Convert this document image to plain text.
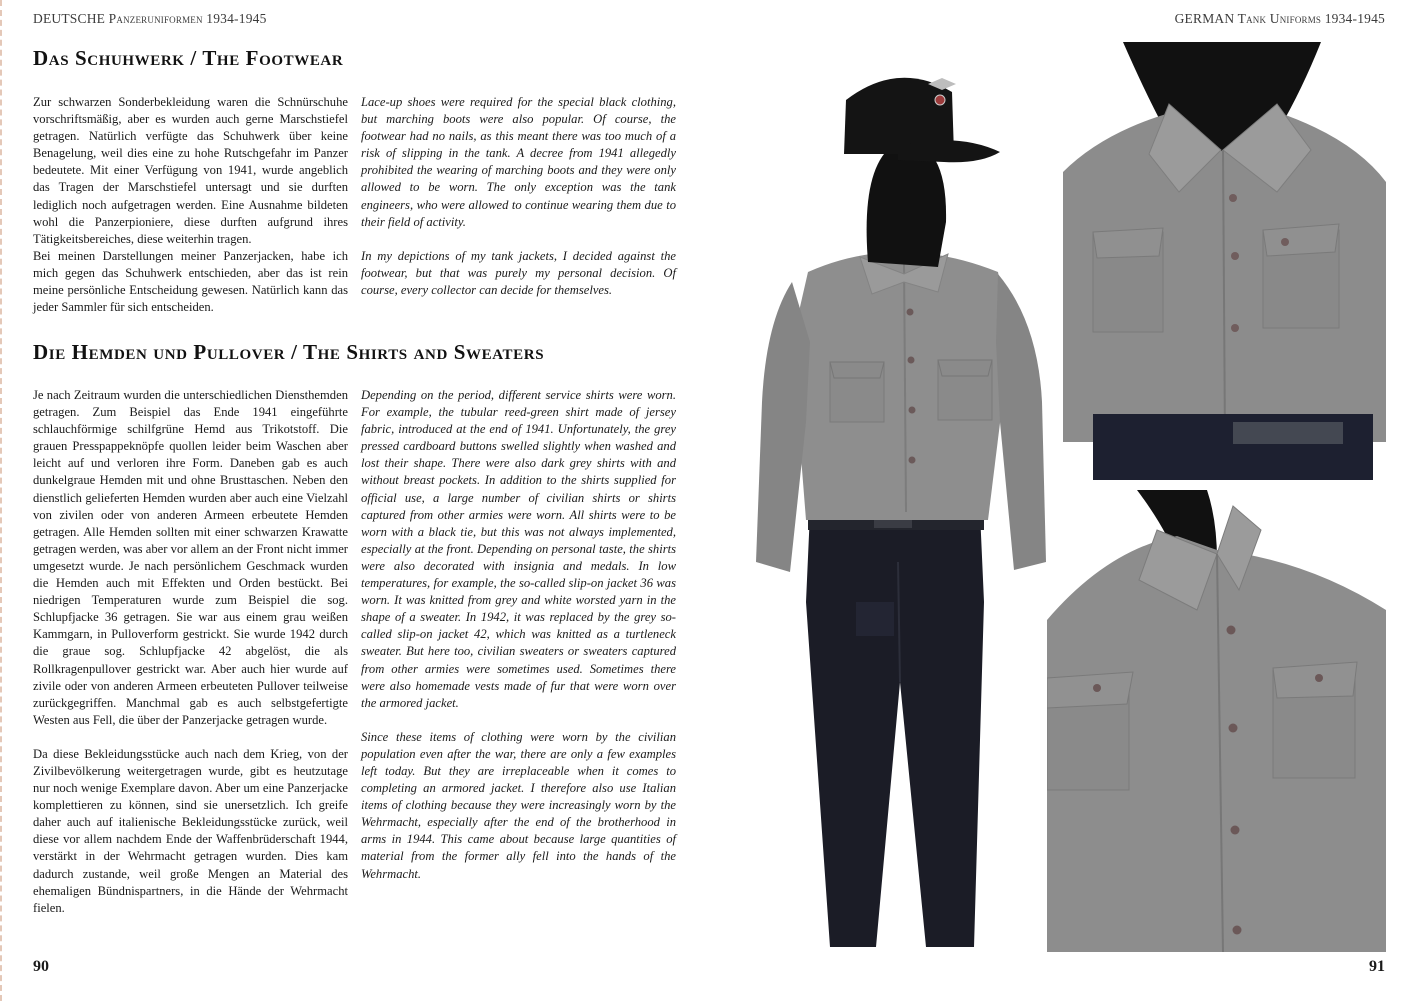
DEUTSCHE Panzeruniformen 1934-1945	GERMAN Tank Uniforms 1934-1945
Das Schuhwerk / The Footwear

Zur schwarzen Sonderbekleidung waren die Schnürschuhe vorschriftsmäßig, aber es wurden auch gerne Marschstiefel getragen. Natürlich verfügte das Schuhwerk über keine Benagelung, weil dies eine zu hohe Rutschgefahr im Panzer bedeutete. Mit einer Verfügung von 1941, wurde angeblich das Tragen der Marschstiefel untersagt und sie durften lediglich noch aufgetragen werden. Eine Ausnahme bildeten wohl die Panzerpioniere, diese durften aufgrund ihres Tätigkeitsbereiches, diese weiterhin tragen.

Bei meinen Darstellungen meiner Panzerjacken, habe ich mich gegen das Schuhwerk entschieden, aber das ist rein meine persönliche Entscheidung gewesen. Natürlich kann das jeder Sammler für sich entscheiden.

Lace-up shoes were required for the special black clothing, but marching boots were also popular. Of course, the footwear had no nails, as this meant there was too much of a risk of slipping in the tank. A decree from 1941 allegedly prohibited the wearing of marching boots and they were only allowed to be worn. The only exception was the tank engineers, who were allowed to continue wearing them due to their field of activity.

In my depictions of my tank jackets, I decided against the footwear, but that was purely my personal decision. Of course, every collector can decide for themselves.

Die Hemden und Pullover / The Shirts and Sweaters

Je nach Zeitraum wurden die unterschiedlichen Diensthemden getragen. Zum Beispiel das Ende 1941 eingeführte schlauchförmige schilfgrüne Hemd aus Trikotstoff. Die grauen Presspappeknöpfe quollen leider beim Waschen aber leicht auf und verloren ihre Form. Daneben gab es auch dunkelgraue Hemden mit und ohne Brusttaschen. Neben den dienstlich gelieferten Hemden wurden aber auch eine Vielzahl von zivilen oder von anderen Armeen erbeutete Hemden getragen. Alle Hemden sollten mit einer schwarzen Krawatte getragen werden, was aber vor allem an der Front nicht immer umgesetzt wurde. Je nach persönlichem Geschmack wurden die Hemden auch mit Effekten und Orden bestückt. Bei niedrigen Temperaturen wurde zum Beispiel die sog. Schlupfjacke 36 getragen. Sie war aus einem grau weißen Kammgarn, in Pulloverform gestrickt. Sie wurde 1942 durch die graue sog. Schlupfjacke 42 abgelöst, die als Rollkragenpullover gestrickt war. Aber auch hier wurde auf zivile oder von anderen Armeen erbeuteten Pullover teilweise zurückgegriffen. Manchmal gab es auch selbstgefertigte Westen aus Fell, die über der Panzerjacke getragen wurde.

Da diese Bekleidungsstücke auch nach dem Krieg, von der Zivilbevölkerung weitergetragen wurde, gibt es heutzutage nur noch wenige Exemplare davon. Aber um eine Panzerjacke komplettieren zu können, sind sie unersetzlich. Ich greife daher auch auf italienische Bekleidungsstücke zurück, weil diese vor allem nachdem Ende der Waffenbrüderschaft 1944, verstärkt in der Wehrmacht getragen wurden. Dies kam dadurch zustande, weil große Mengen an Material des ehemaligen Bündnispartners, in die Hände der Wehrmacht fielen.

Depending on the period, different service shirts were worn. For example, the tubular reed-green shirt made of jersey fabric, introduced at the end of 1941. Unfortunately, the grey pressed cardboard buttons swelled slightly when washed and lost their shape. There were also dark grey shirts with and without breast pockets. In addition to the shirts supplied for official use, a large number of civilian shirts or shirts captured from other armies were worn. All shirts were to be worn with a black tie, but this was not always implemented, especially at the front. Depending on personal taste, the shirts were also decorated with insignia and medals. In low temperatures, for example, the so-called slip-on jacket 36 was worn. It was knitted from grey and white worsted yarn in the shape of a sweater. In 1942, it was replaced by the grey so-called slip-on jacket 42, which was knitted as a turtleneck sweater. But here too, civilian sweaters or sweaters captured from other armies were sometimes used. Sometimes there were also homemade vests made of fur that were worn over the armored jacket.

Since these items of clothing were worn by the civilian population even after the war, there are only a few examples left today. But they are irreplaceable when it comes to completing an armored jacket. I therefore also use Italian items of clothing because they were increasingly worn by the Wehrmacht, especially after the end of the brotherhood in arms in 1944. This came about because large quantities of material from the former ally fell into the hands of the Wehrmacht.

90	91
